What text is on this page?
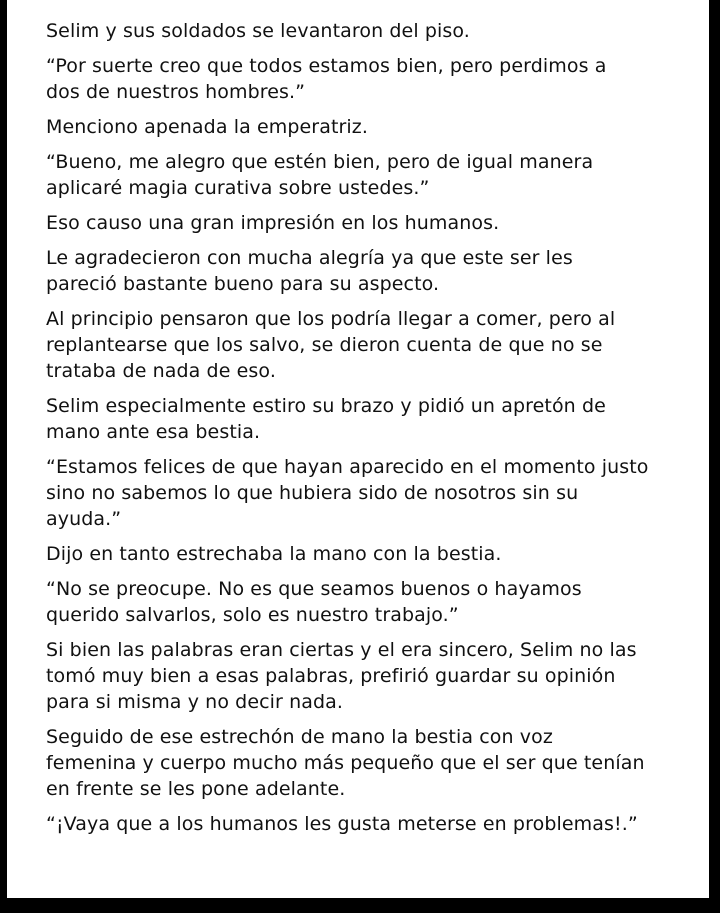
Selim y sus soldados se levantaron del piso.

“Por suerte creo que todos estamos bien, pero perdimos a
dos de nuestros hombres.”

Menciono apenada la emperatriz.

“Bueno, me alegro que estén bien, pero de igual manera
aplicaré magia curativa sobre ustedes.”

Eso causo una gran impresión en los humanos.

Le agradecieron con mucha alegría ya que este ser les
pareció bastante bueno para su aspecto.

Al principio pensaron que los podría llegar a comer, pero al
replantearse que los salvo, se dieron cuenta de que no se
trataba de nada de eso.

Selim especialmente estiro su brazo y pidió un apretón de
mano ante esa bestia.

“Estamos felices de que hayan aparecido en el momento justo
sino no sabemos lo que hubiera sido de nosotros sin su
ayuda.”

Dijo en tanto estrechaba la mano con la bestia.

“No se preocupe. No es que seamos buenos o hayamos
querido salvarlos, solo es nuestro trabajo.”

Si bien las palabras eran ciertas y el era sincero, Selim no las
tomó muy bien a esas palabras, prefirió guardar su opinión
para si misma y no decir nada.

Seguido de ese estrechón de mano la bestia con voz
femenina y cuerpo mucho más pequeño que el ser que tenían
en frente se les pone adelante.

“¡Vaya que a los humanos les gusta meterse en problemas!.”
